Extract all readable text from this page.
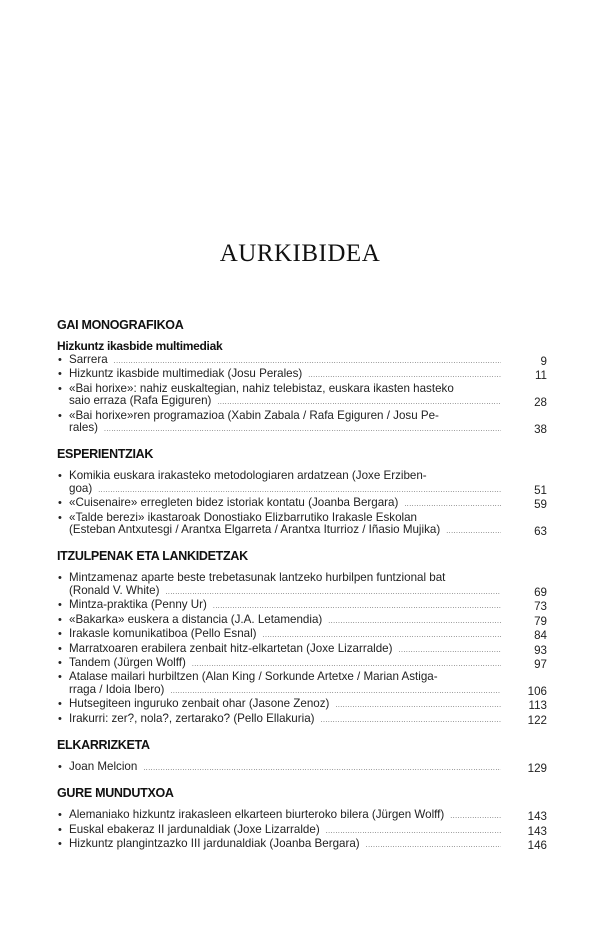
AURKIBIDEA
GAI MONOGRAFIKOA
Hizkuntz ikasbide multimediak
• Sarrera .....	9
• Hizkuntz ikasbide multimediak (Josu Perales) .....	11
• «Bai horixe»: nahiz euskaltegian, nahiz telebistaz, euskara ikasten hasteko
saio erraza (Rafa Egiguren) .....	28
• «Bai horixe»ren programazioa (Xabin Zabala / Rafa Egiguren / Josu Pe-
rales) .....	38
ESPERIENTZIAK
• Komikia euskara irakasteko metodologiaren ardatzean (Joxe Erziben-
goa) .....	51
• «Cuisenaire» erregleten bidez istoriak kontatu (Joanba Bergara) .....	59
• «Talde berezi» ikastaroak Donostiako Elizbarrutiko Irakasle Eskolan
(Esteban Antxutesgi / Arantxa Elgarreta / Arantxa Iturrioz / Iñasio Mujika) .....	63
ITZULPENAK ETA LANKIDETZAK
• Mintzamenaz aparte beste trebetasunak lantzeko hurbilpen funtzional bat
(Ronald V. White) .....	69
• Mintza-praktika (Penny Ur) .....	73
• «Bakarka» euskera a distancia (J.A. Letamendia) .....	79
• Irakasle komunikatiboa (Pello Esnal) .....	84
• Marratxoaren erabilera zenbait hitz-elkartetan (Joxe Lizarralde) .....	93
• Tandem (Jürgen Wolff) .....	97
• Atalase mailari hurbiltzen (Alan King / Sorkunde Artetxe / Marian Astiga-
rraga / Idoia Ibero) .....	106
• Hutsegiteen inguruko zenbait ohar (Jasone Zenoz) .....	113
• Irakurri: zer?, nola?, zertarako? (Pello Ellakuria) .....	122
ELKARRIZKETA
• Joan Melcion .....	129
GURE MUNDUTXOA
• Alemaniako hizkuntz irakasleen elkarteen biurteroko bilera (Jürgen Wolff) .....	143
• Euskal ebakeraz II jardunaldiak (Joxe Lizarralde) .....	143
• Hizkuntz plangintzazko III jardunaldiak (Joanba Bergara) .....	146
